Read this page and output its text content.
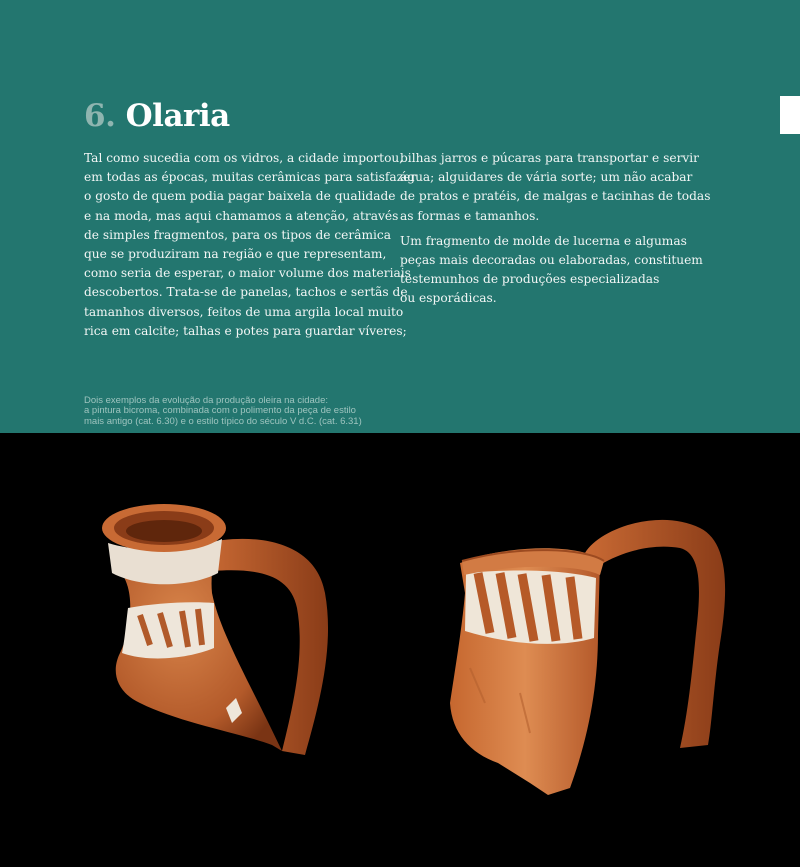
6. Olaria

Tal como sucedia com os vidros, a cidade importou,

em todas as épocas, muitas cerâmicas para satisfazer

o gosto de quem podia pagar baixela de qualidade

e na moda, mas aqui chamamos a atenção, através

de simples fragmentos, para os tipos de cerâmica

que se produziram na região e que representam,

como seria de esperar, o maior volume dos materiais

descobertos. Trata-se de panelas, tachos e sertãs de

tamanhos diversos, feitos de uma argila local muito

rica em calcite; talhas e potes para guardar víveres;

bilhas jarros e púcaras para transportar e servir

água; alguidares de vária sorte; um não acabar

de pratos e pratéis, de malgas e tacinhas de todas

as formas e tamanhos.

Um fragmento de molde de lucerna e algumas

peças mais decoradas ou elaboradas, constituem

testemunhos de produções especializadas

ou esporádicas.

Dois exemplos da evolução da produção oleira na cidade:
a pintura bicroma, combinada com o polimento da peça de estilo
mais antigo (cat. 6.30) e o estilo típico do século V d.C. (cat. 6.31)
